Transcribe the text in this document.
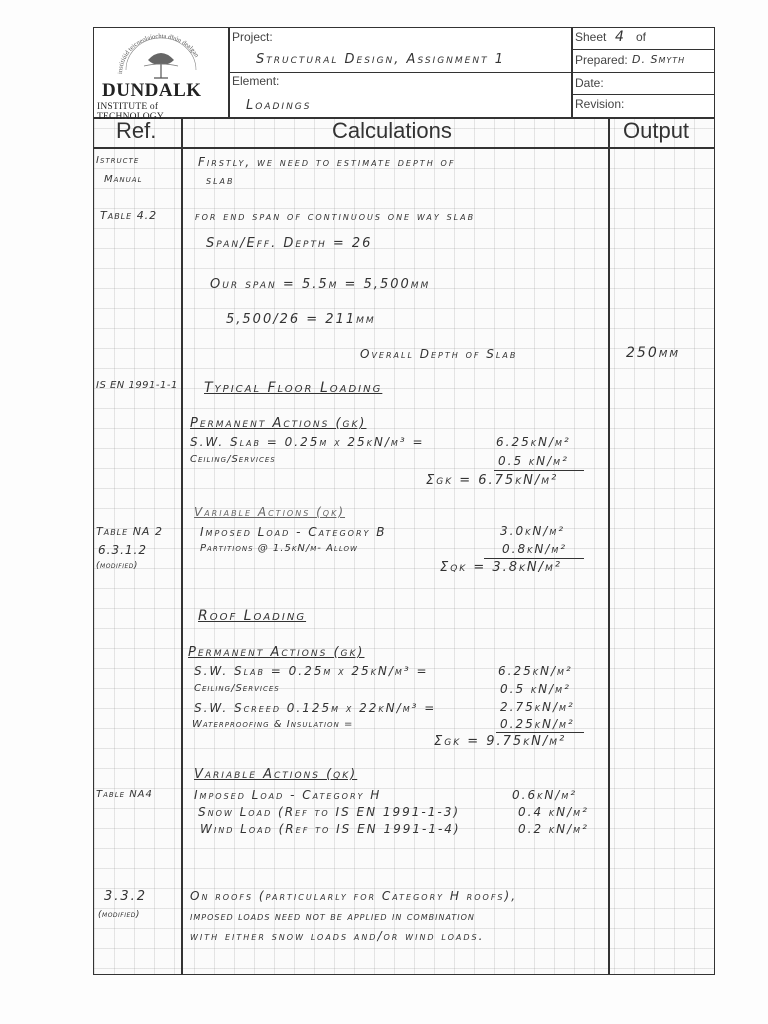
institiúid teicneolaíochta dhún dealgan
DUNDALK
INSTITUTE of TECHNOLOGY
Project:
Structural Design, Assignment 1
Element:
Loadings
Sheet 4 of
Prepared: D. Smyth
Date:
Revision:
Ref.	Calculations	Output
Istructe
Manual
Firstly, we need to estimate depth of
slab
Table 4.2	for end span of continuous one way slab
Span/Eff. Depth = 26
Our span = 5.5m = 5,500mm
5,500/26 = 211mm
Overall Depth of Slab	250mm
IS EN 1991-1-1 Typical Floor Loading
Permanent Actions (gk)
S.W. Slab = 0.25m x 25kN/m³ =	6.25kN/m²
Ceiling/Services	0.5 kN/m²
Σgk = 6.75kN/m²
Variable Actions (qk)
Table NA 2	Imposed Load - Category B	3.0kN/m²
6.3.1.2	Partitions @ 1.5kN/m- Allow	0.8kN/m²
(modified)	Σqk = 3.8kN/m²
Roof Loading
Permanent Actions (gk)
S.W. Slab = 0.25m x 25kN/m³ =	6.25kN/m²
Ceiling/Services	0.5 kN/m²
S.W. Screed 0.125m x 22kN/m³ =	2.75kN/m²
Waterproofing & Insulation =	0.25kN/m²
Σgk = 9.75kN/m²
Variable Actions (qk)
Table NA4	Imposed Load - Category H	0.6kN/m²
Snow Load (Ref to IS EN 1991-1-3)	0.4 kN/m²
Wind Load (Ref to IS EN 1991-1-4)	0.2 kN/m²
3.3.2	On roofs (particularly for Category H roofs),
(modified)	imposed loads need not be applied in combination
with either snow loads and/or wind loads.
